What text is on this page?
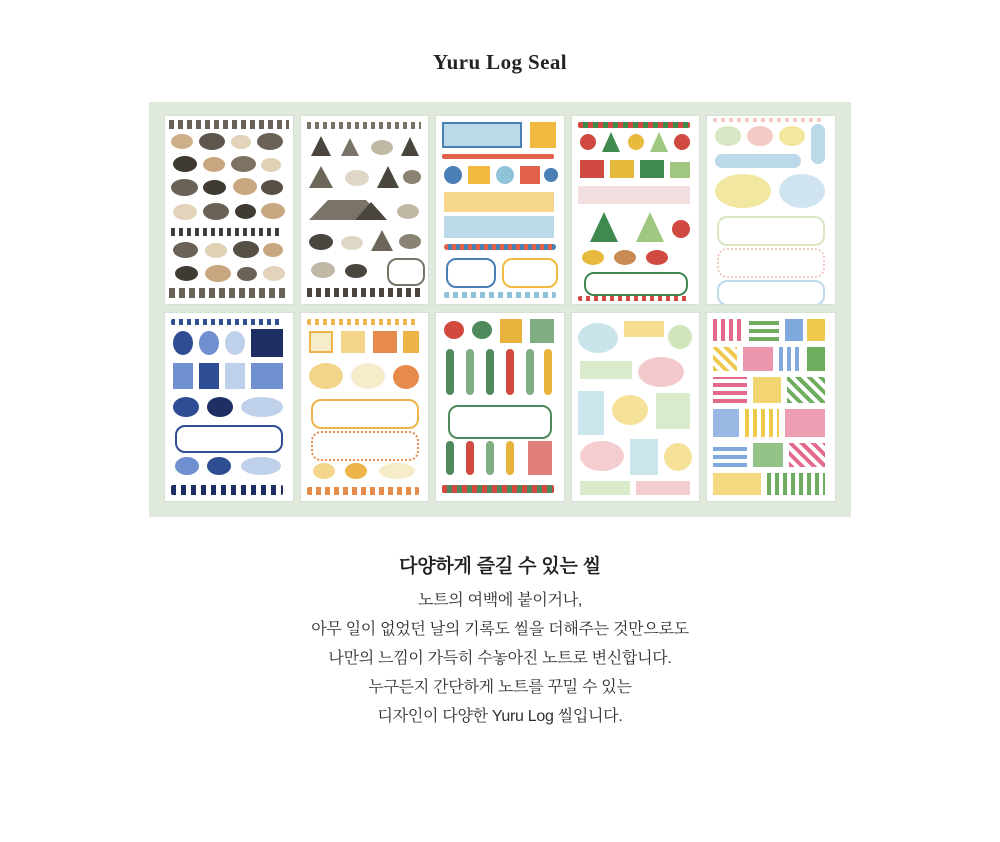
Yuru Log Seal
다양하게 즐길 수 있는 씰
노트의 여백에 붙이거나,
아무 일이 없었던 날의 기록도 씰을 더해주는 것만으로도
나만의 느낌이 가득히 수놓아진 노트로 변신합니다.
누구든지 간단하게 노트를 꾸밀 수 있는
디자인이 다양한 Yuru Log 씰입니다.
